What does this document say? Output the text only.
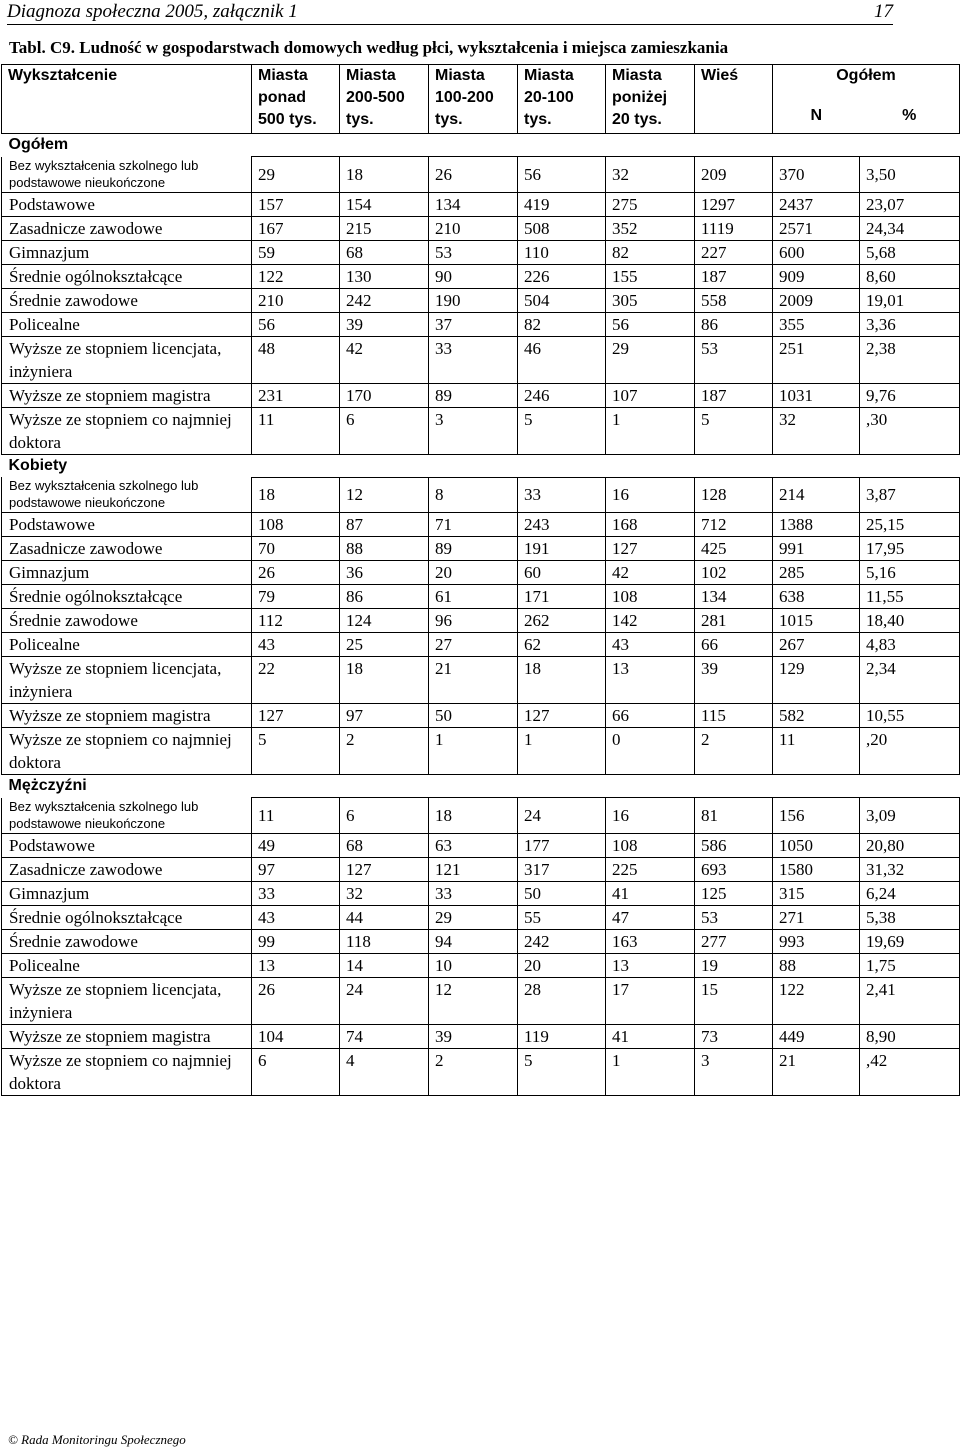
Diagnoza społeczna 2005, załącznik 1	17
Tabl. C9. Ludność w gospodarstwach domowych według płci, wykształcenia i miejsca zamieszkania
Wykształcenie	Miasta ponad 500 tys.	Miasta 200-500 tys.	Miasta 100-200 tys.	Miasta 20-100 tys.	Miasta poniżej 20 tys.	Wieś	Ogółem	
							N	%
Ogółem								
Bez wykształcenia szkolnego lub podstawowe nieukończone	29	18	26	56	32	209	370	3,50
Podstawowe	157	154	134	419	275	1297	2437	23,07
Zasadnicze zawodowe	167	215	210	508	352	1119	2571	24,34
Gimnazjum	59	68	53	110	82	227	600	5,68
Średnie ogólnokształcące	122	130	90	226	155	187	909	8,60
Średnie zawodowe	210	242	190	504	305	558	2009	19,01
Policealne	56	39	37	82	56	86	355	3,36
Wyższe ze stopniem licencjata, inżyniera	48	42	33	46	29	53	251	2,38
Wyższe ze stopniem magistra	231	170	89	246	107	187	1031	9,76
Wyższe ze stopniem co najmniej doktora	11	6	3	5	1	5	32	,30
Kobiety								
Bez wykształcenia szkolnego lub podstawowe nieukończone	18	12	8	33	16	128	214	3,87
Podstawowe	108	87	71	243	168	712	1388	25,15
Zasadnicze zawodowe	70	88	89	191	127	425	991	17,95
Gimnazjum	26	36	20	60	42	102	285	5,16
Średnie ogólnokształcące	79	86	61	171	108	134	638	11,55
Średnie zawodowe	112	124	96	262	142	281	1015	18,40
Policealne	43	25	27	62	43	66	267	4,83
Wyższe ze stopniem licencjata, inżyniera	22	18	21	18	13	39	129	2,34
Wyższe ze stopniem magistra	127	97	50	127	66	115	582	10,55
Wyższe ze stopniem co najmniej doktora	5	2	1	1	0	2	11	,20
Mężczyźni								
Bez wykształcenia szkolnego lub podstawowe nieukończone	11	6	18	24	16	81	156	3,09
Podstawowe	49	68	63	177	108	586	1050	20,80
Zasadnicze zawodowe	97	127	121	317	225	693	1580	31,32
Gimnazjum	33	32	33	50	41	125	315	6,24
Średnie ogólnokształcące	43	44	29	55	47	53	271	5,38
Średnie zawodowe	99	118	94	242	163	277	993	19,69
Policealne	13	14	10	20	13	19	88	1,75
Wyższe ze stopniem licencjata, inżyniera	26	24	12	28	17	15	122	2,41
Wyższe ze stopniem magistra	104	74	39	119	41	73	449	8,90
Wyższe ze stopniem co najmniej doktora	6	4	2	5	1	3	21	,42
© Rada Monitoringu Społecznego
